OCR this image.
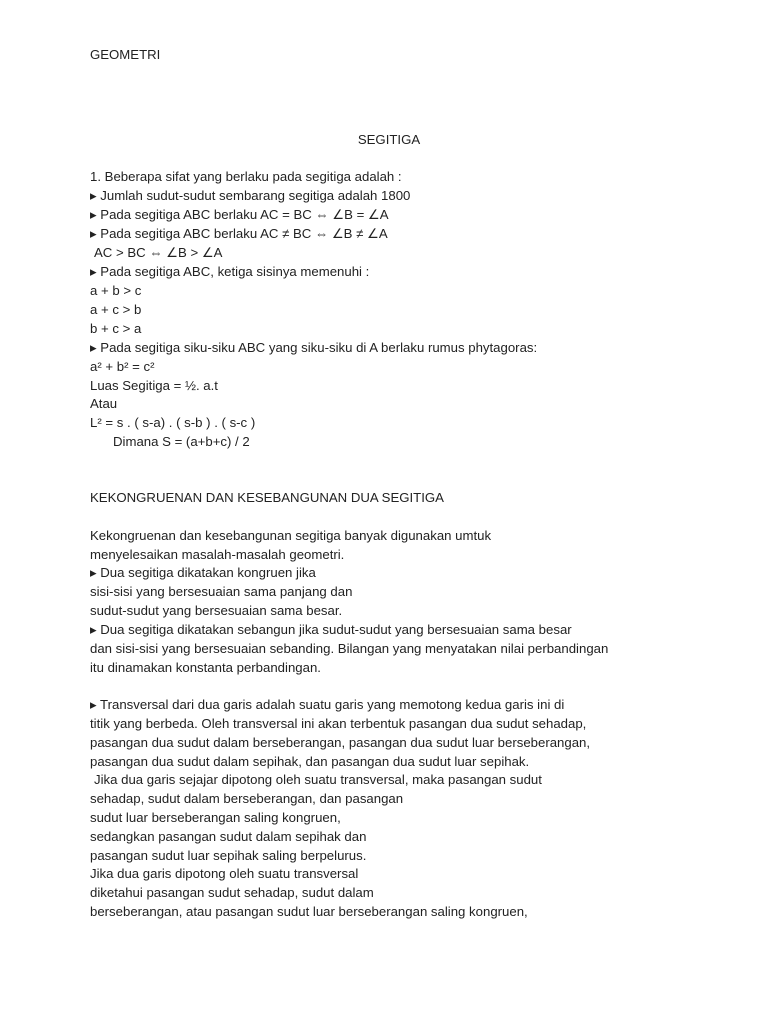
GEOMETRI

SEGITIGA

1. Beberapa sifat yang berlaku pada segitiga adalah :

▸ Jumlah sudut-sudut sembarang segitiga adalah 1800

▸ Pada segitiga ABC berlaku AC = BC ⇔ ∠B = ∠A

▸ Pada segitiga ABC berlaku AC ≠ BC ⇔ ∠B ≠ ∠A

AC > BC ⇔ ∠B > ∠A

▸ Pada segitiga ABC, ketiga sisinya memenuhi :

a + b > c

a + c > b

b + c > a

▸ Pada segitiga siku-siku ABC yang siku-siku di A berlaku rumus phytagoras:

a² + b² = c²

Luas Segitiga = ½. a.t

Atau

L² = s . ( s-a) . ( s-b ) . ( s-c )

Dimana S = (a+b+c) / 2

KEKONGRUENAN DAN KESEBANGUNAN DUA SEGITIGA

Kekongruenan dan kesebangunan segitiga banyak digunakan umtuk

menyelesaikan masalah-masalah geometri.

▸ Dua segitiga dikatakan kongruen jika

sisi-sisi yang bersesuaian sama panjang dan

sudut-sudut yang bersesuaian sama besar.

▸ Dua segitiga dikatakan sebangun jika sudut-sudut yang bersesuaian sama besar

dan sisi-sisi yang bersesuaian sebanding. Bilangan yang menyatakan nilai perbandingan

itu dinamakan konstanta perbandingan.

▸ Transversal dari dua garis adalah suatu garis yang memotong kedua garis ini di

titik yang berbeda. Oleh transversal ini akan terbentuk pasangan dua sudut sehadap,

pasangan dua sudut dalam berseberangan, pasangan dua sudut luar berseberangan,

pasangan dua sudut dalam sepihak, dan pasangan dua sudut luar sepihak.

Jika dua garis sejajar dipotong oleh suatu transversal, maka pasangan sudut

sehadap, sudut dalam berseberangan, dan pasangan

sudut luar berseberangan saling kongruen,

sedangkan pasangan sudut dalam sepihak dan

pasangan sudut luar sepihak saling berpelurus.

Jika dua garis dipotong oleh suatu transversal

diketahui pasangan sudut sehadap, sudut dalam

berseberangan, atau pasangan sudut luar berseberangan saling kongruen,
